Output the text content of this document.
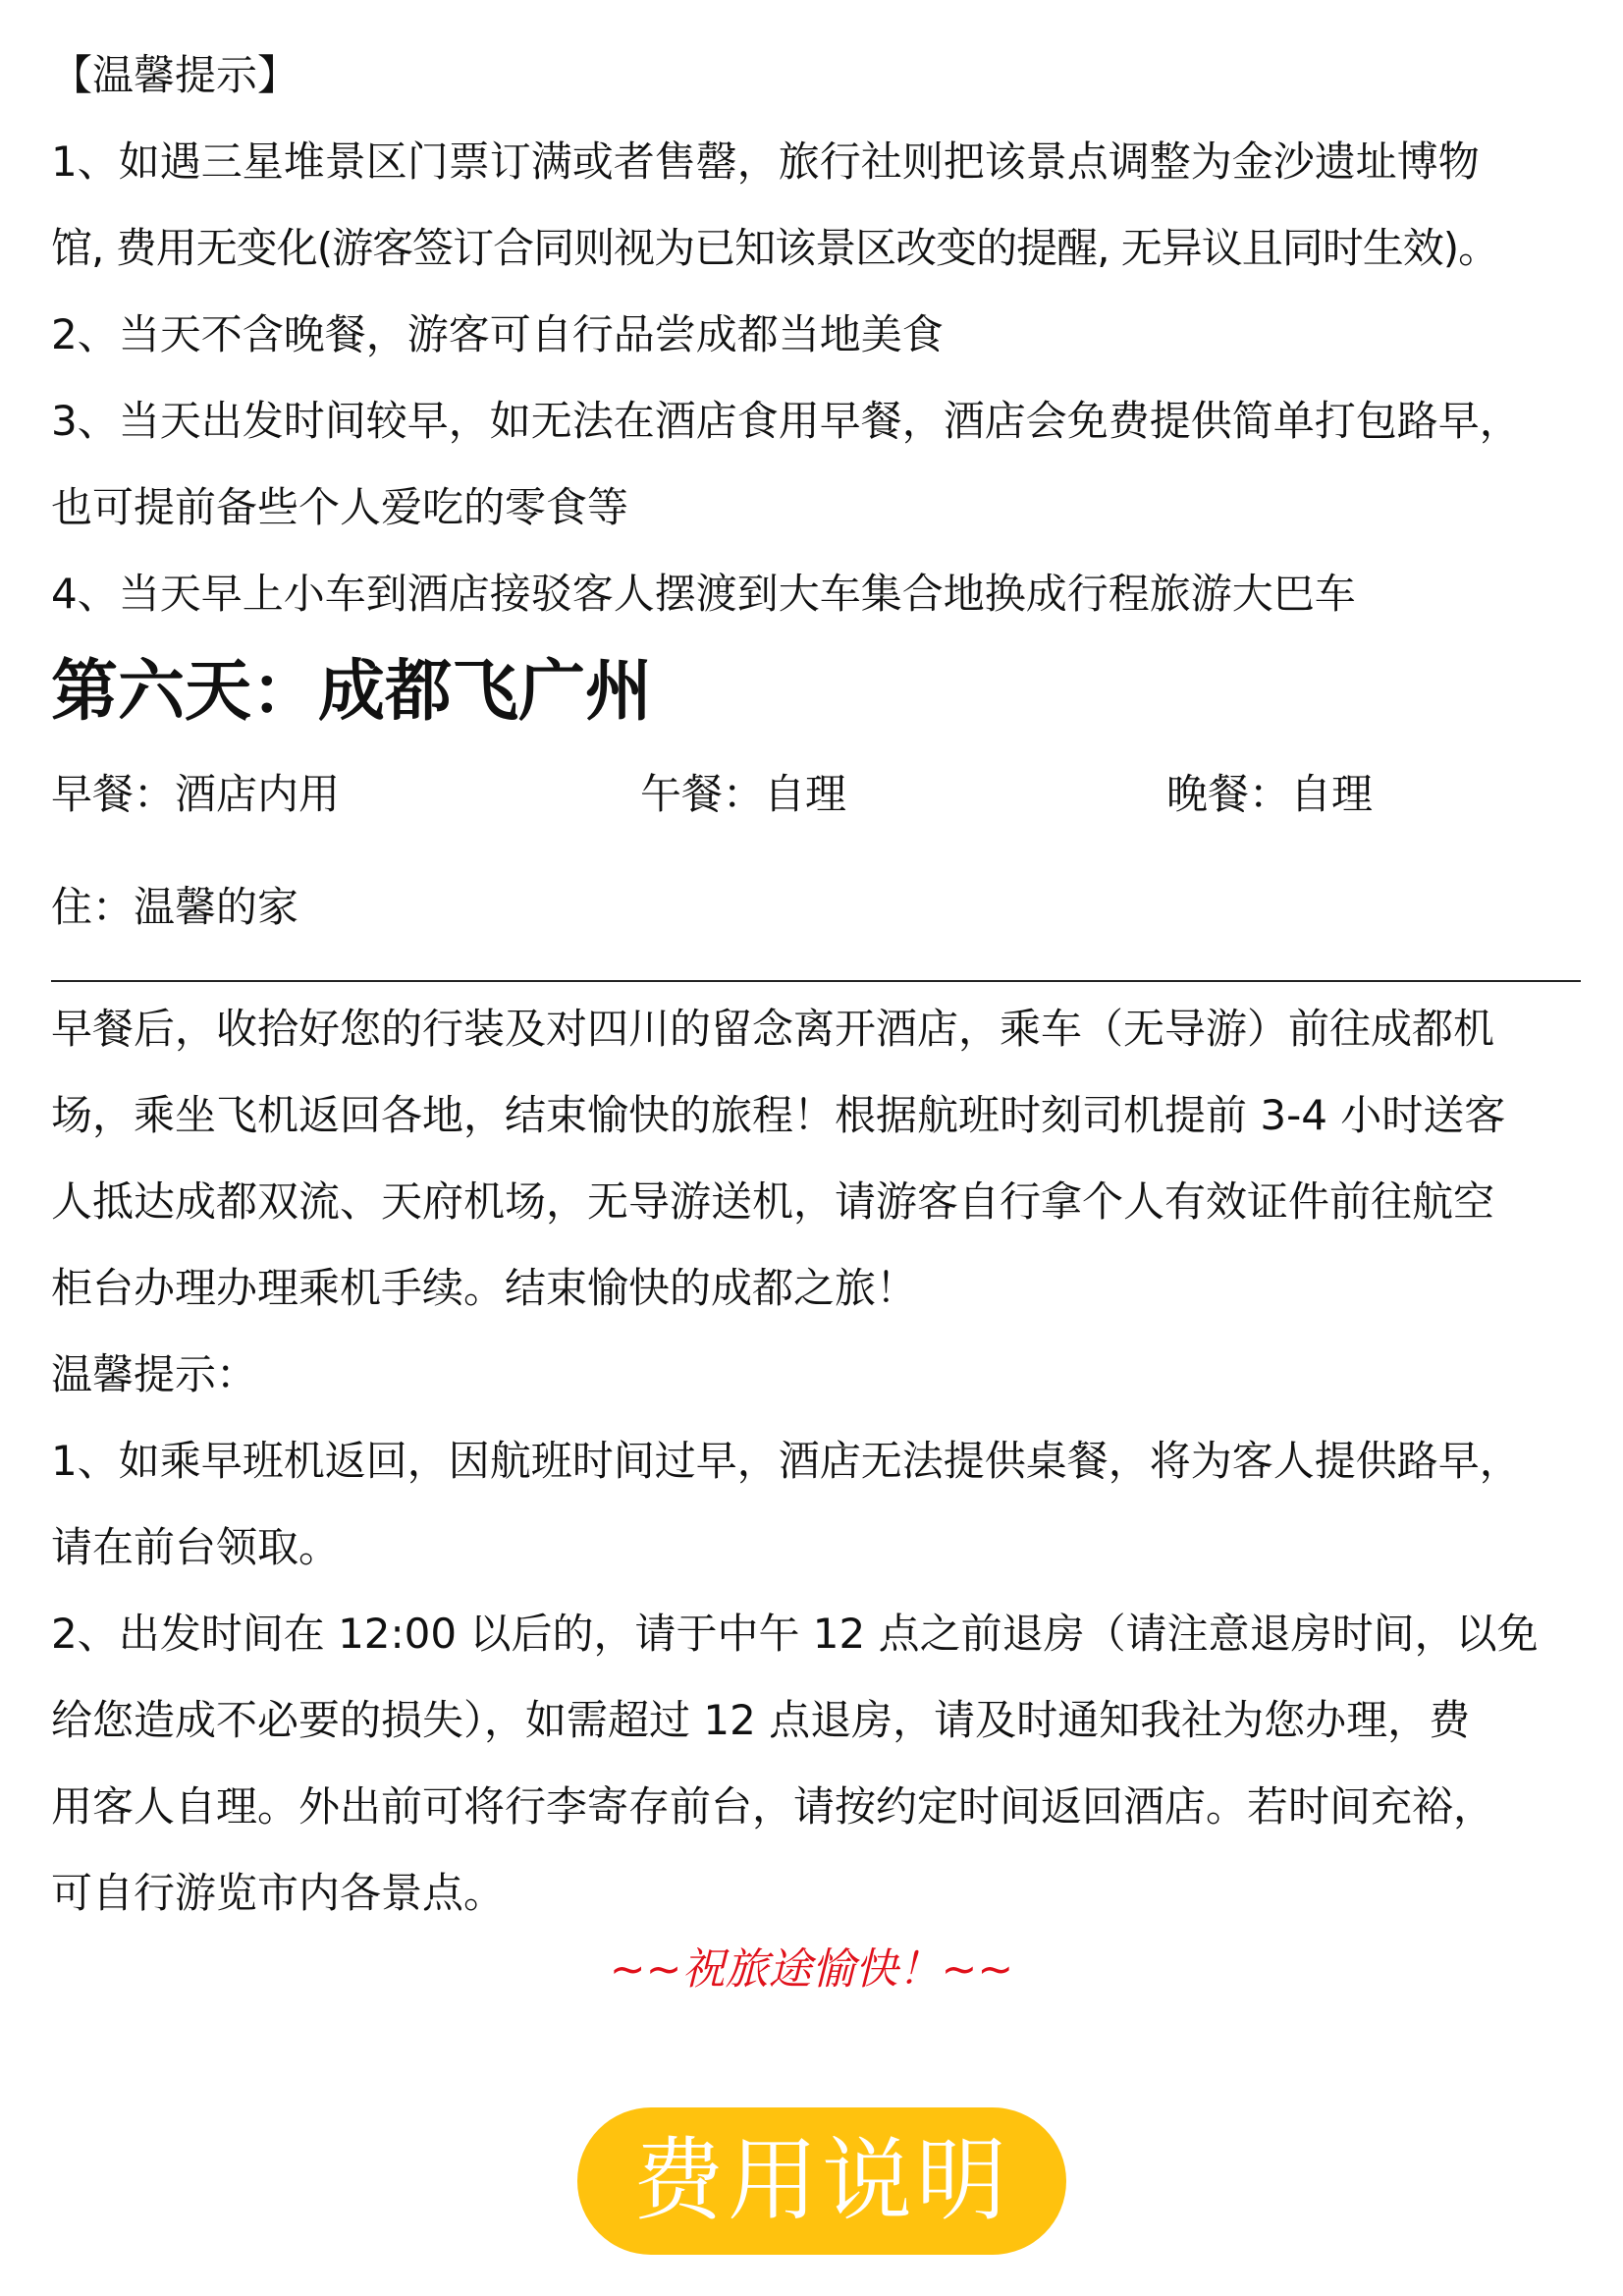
【温馨提示】

1、如遇三星堆景区门票订满或者售罄，旅行社则把该景点调整为金沙遗址博物

馆, 费用无变化(游客签订合同则视为已知该景区改变的提醒, 无异议且同时生效)。

2、当天不含晚餐，游客可自行品尝成都当地美食

3、当天出发时间较早，如无法在酒店食用早餐，酒店会免费提供简单打包路早，

也可提前备些个人爱吃的零食等

4、当天早上小车到酒店接驳客人摆渡到大车集合地换成行程旅游大巴车

第六天：成都飞广州
早餐：酒店内用	午餐：自理	晚餐：自理

住：温馨的家

早餐后，收拾好您的行装及对四川的留念离开酒店，乘车（无导游）前往成都机

场，乘坐飞机返回各地，结束愉快的旅程！根据航班时刻司机提前 3-4 小时送客

人抵达成都双流、天府机场，无导游送机，请游客自行拿个人有效证件前往航空

柜台办理办理乘机手续。结束愉快的成都之旅！

温馨提示：

1、如乘早班机返回，因航班时间过早，酒店无法提供桌餐，将为客人提供路早，

请在前台领取。

2、出发时间在 12:00 以后的，请于中午 12 点之前退房（请注意退房时间，以免

给您造成不必要的损失），如需超过 12 点退房，请及时通知我社为您办理，费

用客人自理。外出前可将行李寄存前台，请按约定时间返回酒店。若时间充裕，

可自行游览市内各景点。

~~祝旅途愉快！~~
费用说明
